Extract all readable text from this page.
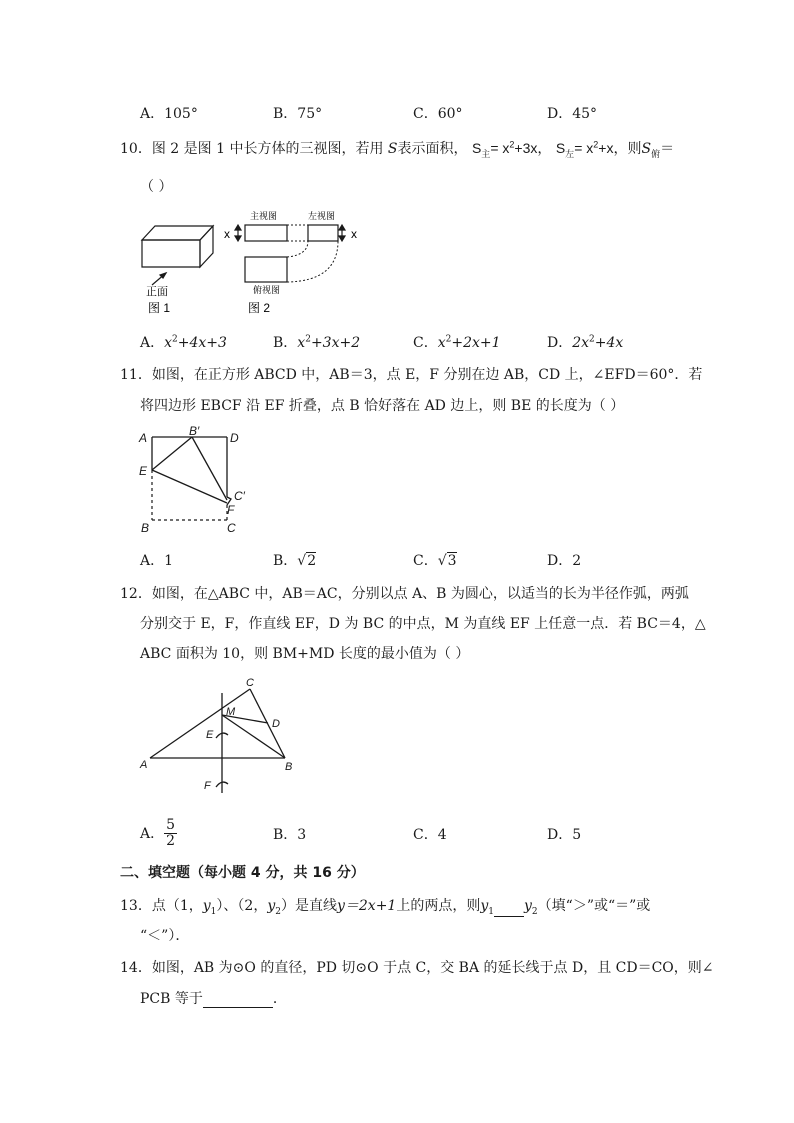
A．105°	B．75°	C．60°	D．45°
10．图 2 是图 1 中长方体的三视图，若用 S表示面积， $S_主= x^2+3x$， $S_左= x^2+x$，则$S_俯=$
（ ）
正面
图 1
主视图	左视图
x	x
俯视图
图 2
A．$x^2+4x+3$	B．$x^2+3x+2$	C．$x^2+2x+1$	D．$2x^2+4x$
11．如图，在正方形 ABCD 中，AB＝3，点 E，F 分别在边 AB，CD 上，∠EFD＝60°．若
将四边形 EBCF 沿 EF 折叠，点 B 恰好落在 AD 边上，则 BE 的长度为（ ）
A	B′	D
E
C′
F
B	C
A．1	B．√2	C．√3	D．2
12．如图，在△ABC 中，AB＝AC，分别以点 A、B 为圆心，以适当的长为半径作弧，两弧
分别交于 E，F，作直线 EF，D 为 BC 的中点，M 为直线 EF 上任意一点．若 BC＝4，△
ABC 面积为 10，则 BM+MD 长度的最小值为（ ）
C
M
D
E
A	B
F
A． $\frac{5}{2}$	B．3	C．4	D．5
二、填空题（每小题 4 分，共 16 分）
13．点（1，$y_1$）、（2，$y_2$）是直线y＝2x+1上的两点，则$y_1$ $y_2$（填“＞”或“＝”或
“＜”）．
14．如图，AB 为⊙O 的直径，PD 切⊙O 于点 C，交 BA 的延长线于点 D，且 CD＝CO，则∠
PCB 等于	．
